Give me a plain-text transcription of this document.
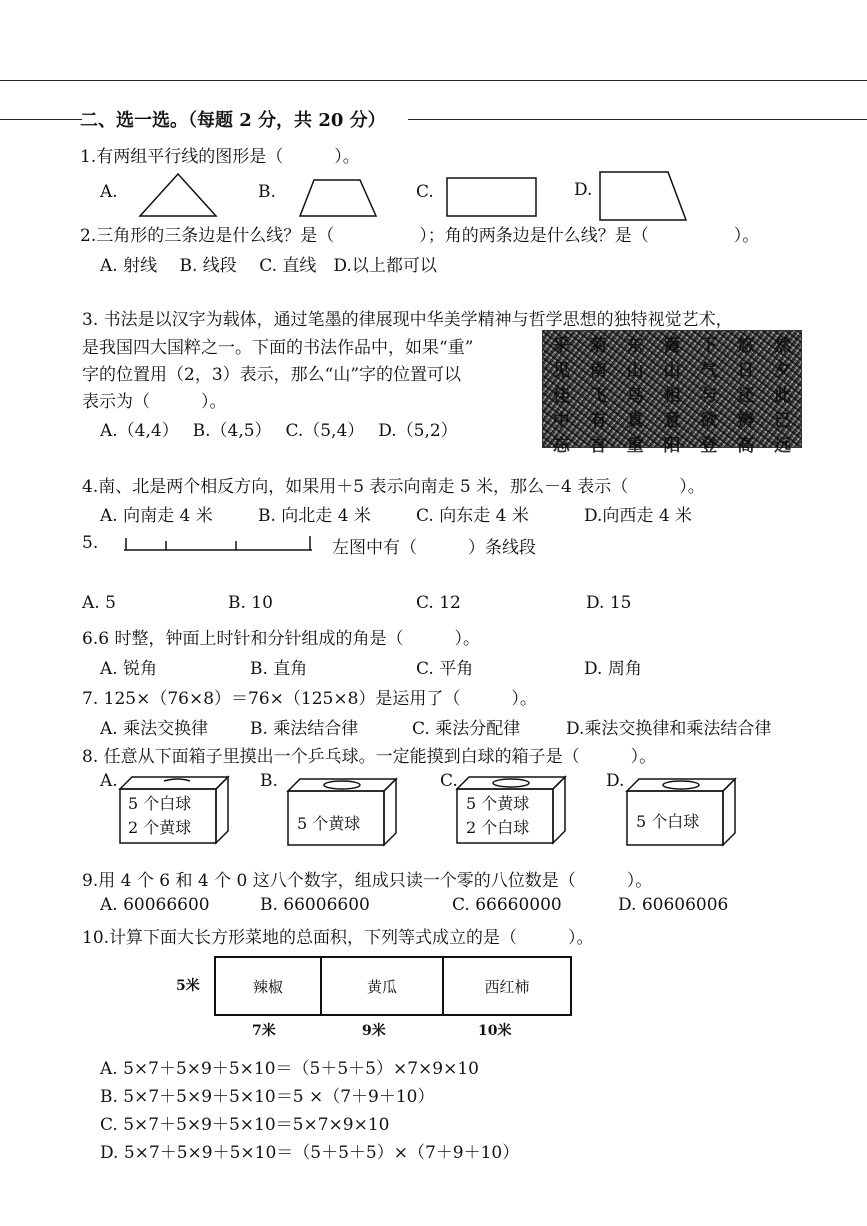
二、选一选。（每题 2 分，共 20 分）
1.有两组平行线的图形是（　　　）。
A.	B.	C.	D.
2.三角形的三条边是什么线？是（　　　　　）；角的两条边是什么线？是（　　　　　）。
A. 射线　 B. 线段　 C. 直线　D.以上都可以
3. 书法是以汉字为载体，通过笔墨的律展现中华美学精神与哲学思想的独特视觉艺术，
是我国四大国粹之一。下面的书法作品中，如果“重”
字的位置用（2，3）表示，那么“山”字的位置可以
表示为（　　　）。
A.（4,4）　 B.（4,5）　 C.（5,4）　 D.（5,2）
采	菊	东	篱	下	悠	然
见	南	山	山	气	日	夕
佳	飞	鸟	相	与	还	此
中	有	真	意	欲	辨	已
忘	言	重	阳	登	高	远
4.南、北是两个相反方向，如果用＋5 表示向南走 5 米，那么－4 表示（　　　）。
A. 向南走 4 米	B. 向北走 4 米	C. 向东走 4 米	D.向西走 4 米
5.	左图中有（　　　）条线段
A. 5	B. 10	C. 12	D. 15
6.6 时整，钟面上时针和分针组成的角是（　　　）。
A. 锐角	B. 直角	C. 平角	D. 周角
7. 125×（76×8）＝76×（125×8）是运用了（　　　）。
A. 乘法交换律 B. 乘法结合律	C. 乘法分配律	D.乘法交换律和乘法结合律
8. 任意从下面箱子里摸出一个乒乓球。一定能摸到白球的箱子是（　　　）。
A.
5 个白球
2 个黄球
B.
5 个黄球
C.
5 个黄球
2 个白球
D.
5 个白球
9.用 4 个 6 和 4 个 0 这八个数字，组成只读一个零的八位数是（　　　）。
A. 60066600	B. 66006600	C. 66660000	D. 60606006
10.计算下面大长方形菜地的总面积，下列等式成立的是（　　　）。
5米	辣椒	黄瓜	西红柿
7米	9米	10米
A. 5×7＋5×9＋5×10＝（5＋5＋5）×7×9×10
B. 5×7＋5×9＋5×10＝5 ×（7＋9＋10）
C. 5×7＋5×9＋5×10＝5×7×9×10
D. 5×7＋5×9＋5×10＝（5＋5＋5）×（7＋9＋10）
